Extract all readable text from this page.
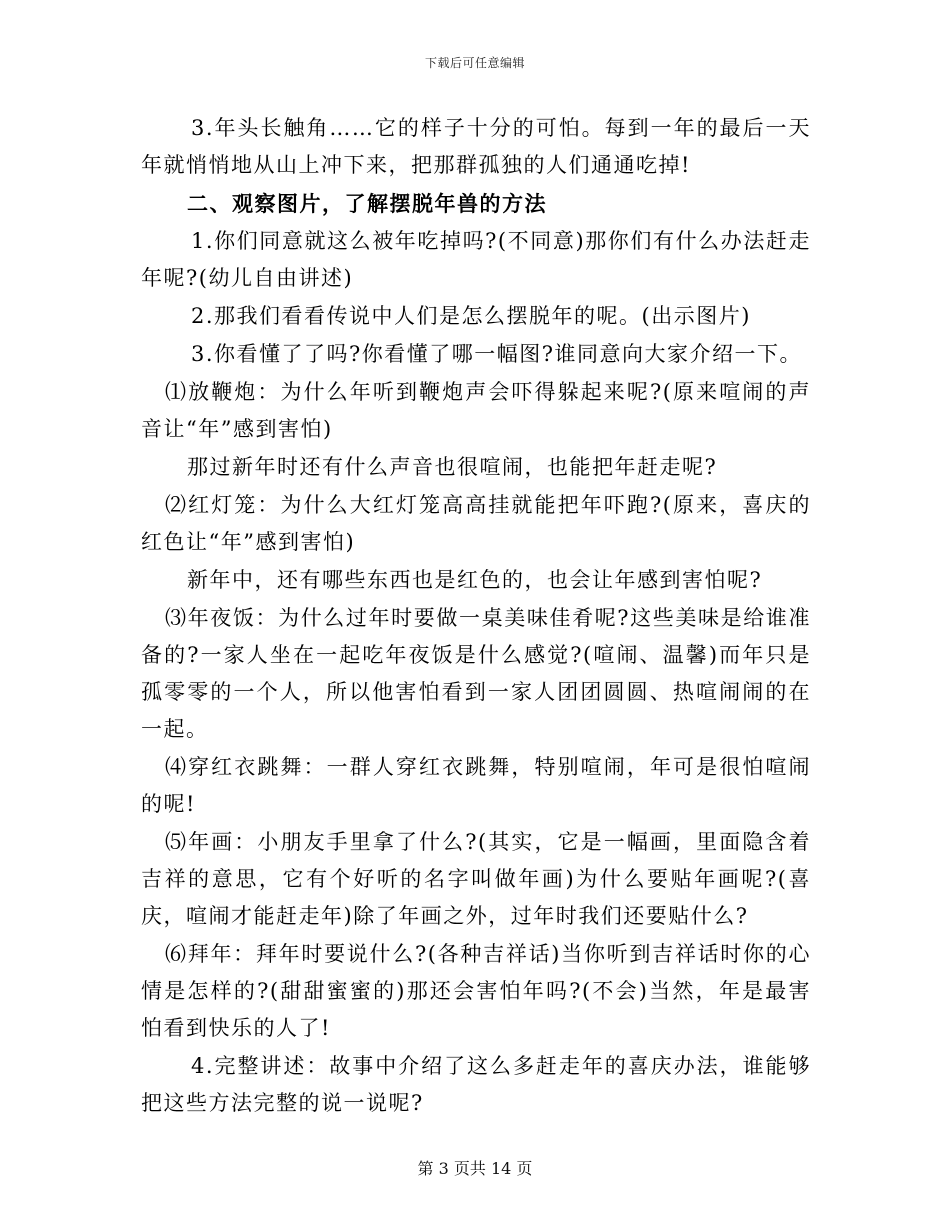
下载后可任意编辑

3.年头长触角……它的样子十分的可怕。每到一年的最后一天年就悄悄地从山上冲下来，把那群孤独的人们通通吃掉!

二、观察图片，了解摆脱年兽的方法

1.你们同意就这么被年吃掉吗?(不同意)那你们有什么办法赶走年呢?(幼儿自由讲述)

2.那我们看看传说中人们是怎么摆脱年的呢。(出示图片)

3.你看懂了了吗?你看懂了哪一幅图?谁同意向大家介绍一下。

⑴放鞭炮：为什么年听到鞭炮声会吓得躲起来呢?(原来喧闹的声音让“年”感到害怕)

那过新年时还有什么声音也很喧闹，也能把年赶走呢?

⑵红灯笼：为什么大红灯笼高高挂就能把年吓跑?(原来，喜庆的红色让“年”感到害怕)

新年中，还有哪些东西也是红色的，也会让年感到害怕呢?

⑶年夜饭：为什么过年时要做一桌美味佳肴呢?这些美味是给谁准备的?一家人坐在一起吃年夜饭是什么感觉?(喧闹、温馨)而年只是孤零零的一个人，所以他害怕看到一家人团团圆圆、热喧闹闹的在一起。

⑷穿红衣跳舞：一群人穿红衣跳舞，特别喧闹，年可是很怕喧闹的呢!

⑸年画：小朋友手里拿了什么?(其实，它是一幅画，里面隐含着吉祥的意思，它有个好听的名字叫做年画)为什么要贴年画呢?(喜庆，喧闹才能赶走年)除了年画之外，过年时我们还要贴什么?

⑹拜年：拜年时要说什么?(各种吉祥话)当你听到吉祥话时你的心情是怎样的?(甜甜蜜蜜的)那还会害怕年吗?(不会)当然，年是最害怕看到快乐的人了!

4.完整讲述：故事中介绍了这么多赶走年的喜庆办法，谁能够把这些方法完整的说一说呢?

第 3 页共 14 页
